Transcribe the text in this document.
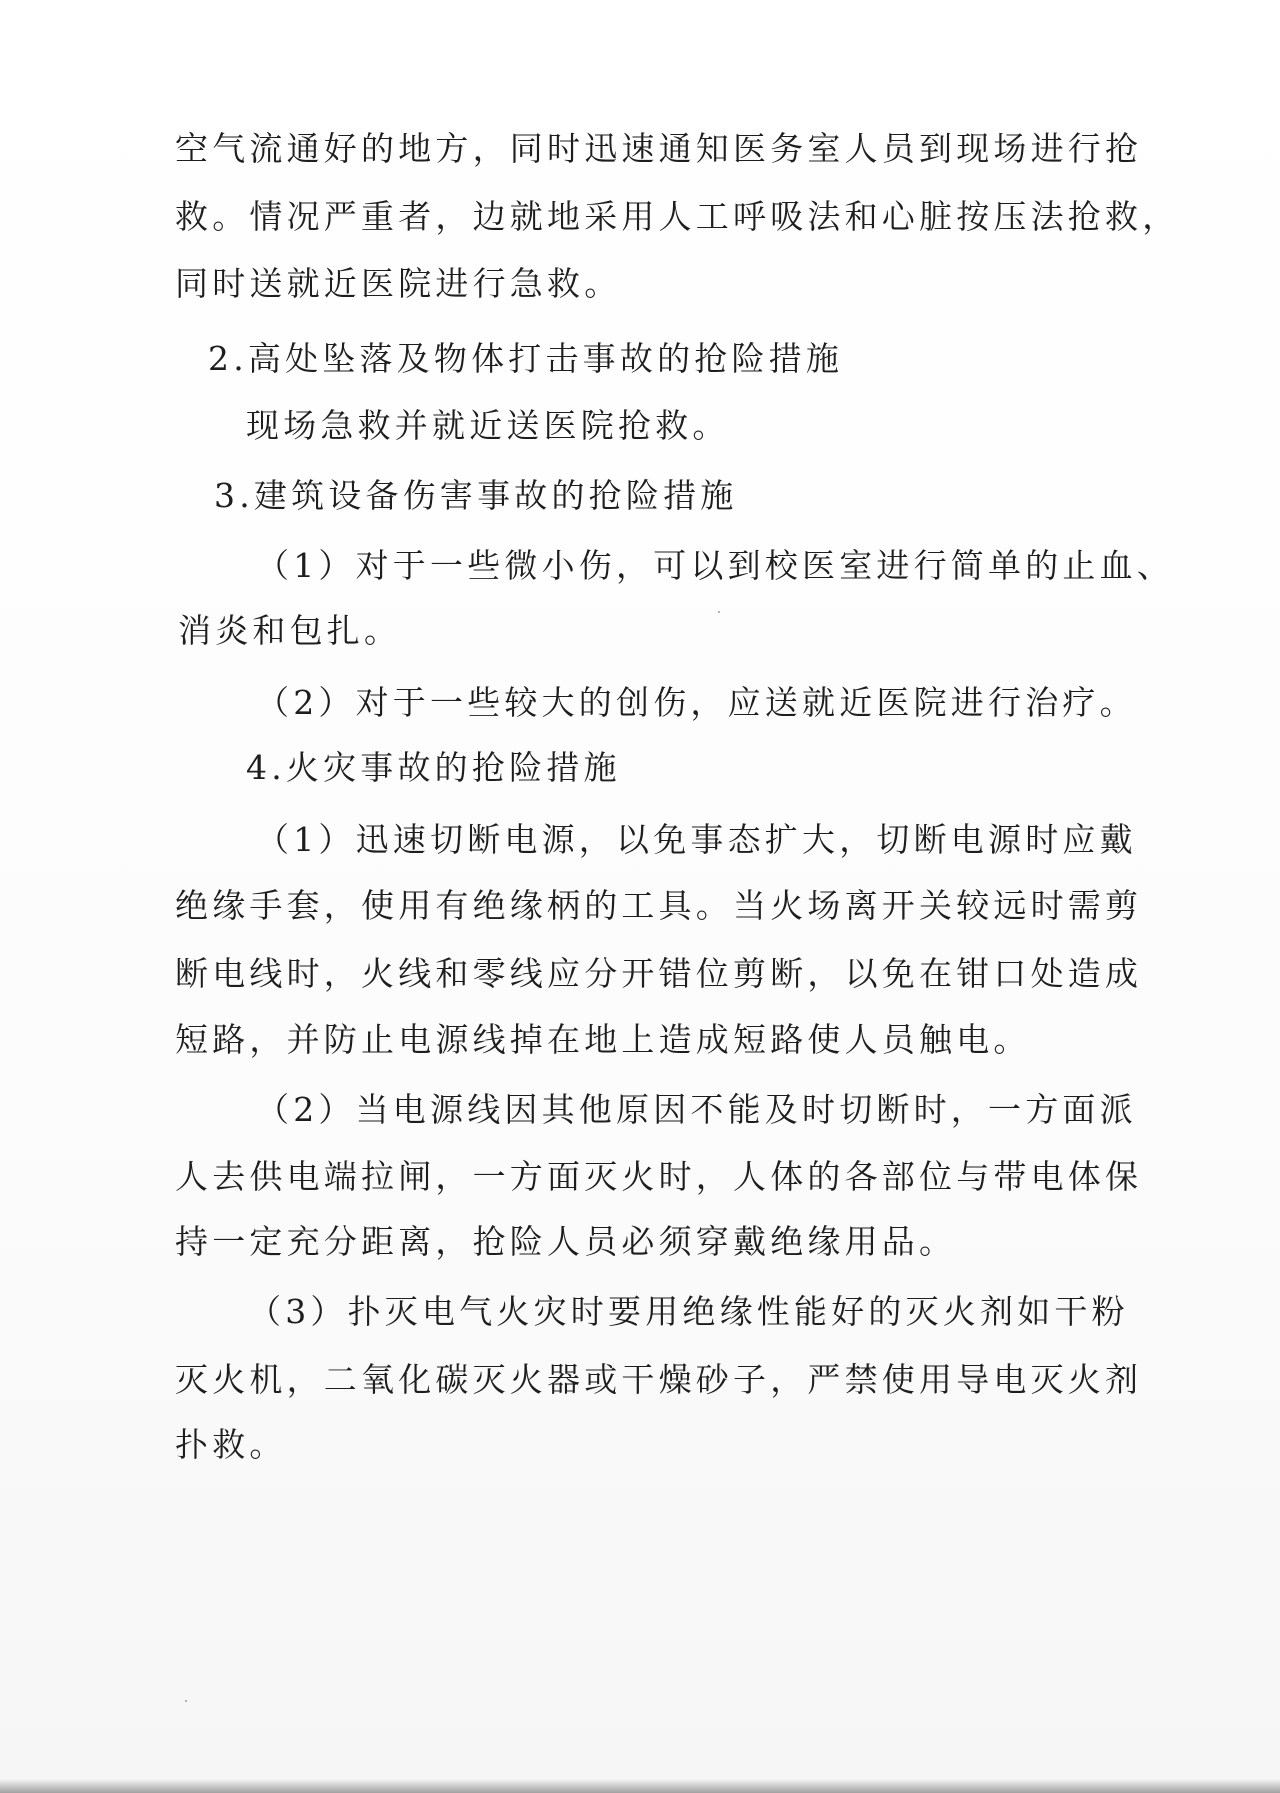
空气流通好的地方，同时迅速通知医务室人员到现场进行抢

救。情况严重者，边就地采用人工呼吸法和心脏按压法抢救，

同时送就近医院进行急救。

2.高处坠落及物体打击事故的抢险措施

现场急救并就近送医院抢救。

3.建筑设备伤害事故的抢险措施

（1）对于一些微小伤，可以到校医室进行简单的止血、

消炎和包扎。

（2）对于一些较大的创伤，应送就近医院进行治疗。

4.火灾事故的抢险措施

（1）迅速切断电源，以免事态扩大，切断电源时应戴

绝缘手套，使用有绝缘柄的工具。当火场离开关较远时需剪

断电线时，火线和零线应分开错位剪断，以免在钳口处造成

短路，并防止电源线掉在地上造成短路使人员触电。

（2）当电源线因其他原因不能及时切断时，一方面派

人去供电端拉闸，一方面灭火时，人体的各部位与带电体保

持一定充分距离，抢险人员必须穿戴绝缘用品。

（3）扑灭电气火灾时要用绝缘性能好的灭火剂如干粉

灭火机，二氧化碳灭火器或干燥砂子，严禁使用导电灭火剂

扑救。
